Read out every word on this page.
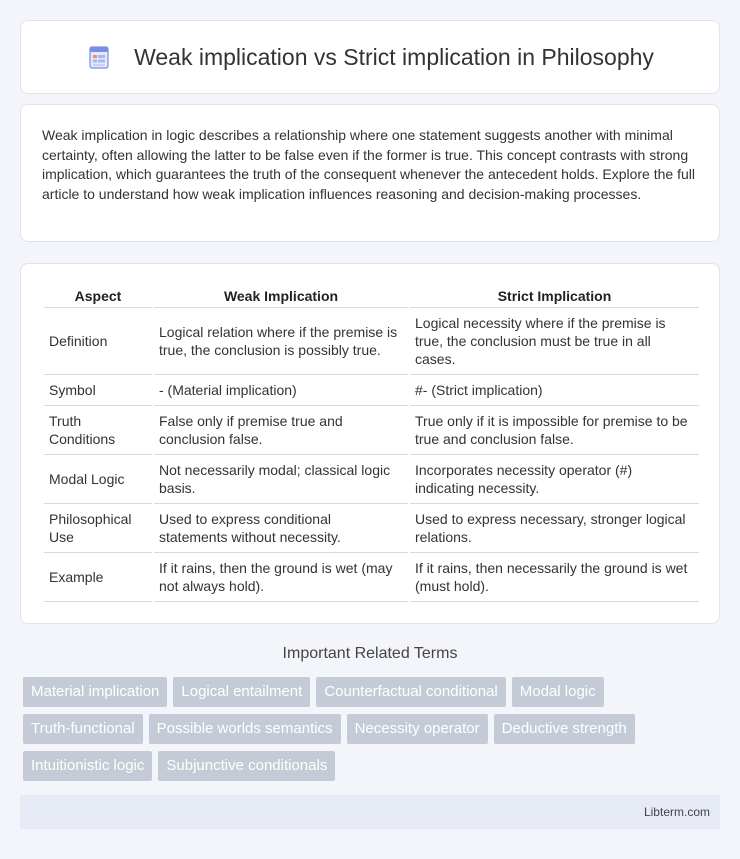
Weak implication vs Strict implication in Philosophy

Weak implication in logic describes a relationship where one statement suggests another with minimal certainty, often allowing the latter to be false even if the former is true. This concept contrasts with strong implication, which guarantees the truth of the consequent whenever the antecedent holds. Explore the full article to understand how weak implication influences reasoning and decision-making processes.

Aspect	Weak Implication	Strict Implication
Definition	Logical relation where if the premise is true, the conclusion is possibly true.	Logical necessity where if the premise is true, the conclusion must be true in all cases.
Symbol	- (Material implication)	#- (Strict implication)
Truth Conditions	False only if premise true and conclusion false.	True only if it is impossible for premise to be true and conclusion false.
Modal Logic	Not necessarily modal; classical logic basis.	Incorporates necessity operator (#) indicating necessity.
Philosophical Use	Used to express conditional statements without necessity.	Used to express necessary, stronger logical relations.
Example	If it rains, then the ground is wet (may not always hold).	If it rains, then necessarily the ground is wet (must hold).
Important Related Terms
Material implication	Logical entailment	Counterfactual conditional	Modal logic
Truth-functional	Possible worlds semantics	Necessity operator	Deductive strength
Intuitionistic logic	Subjunctive conditionals
Libterm.com
